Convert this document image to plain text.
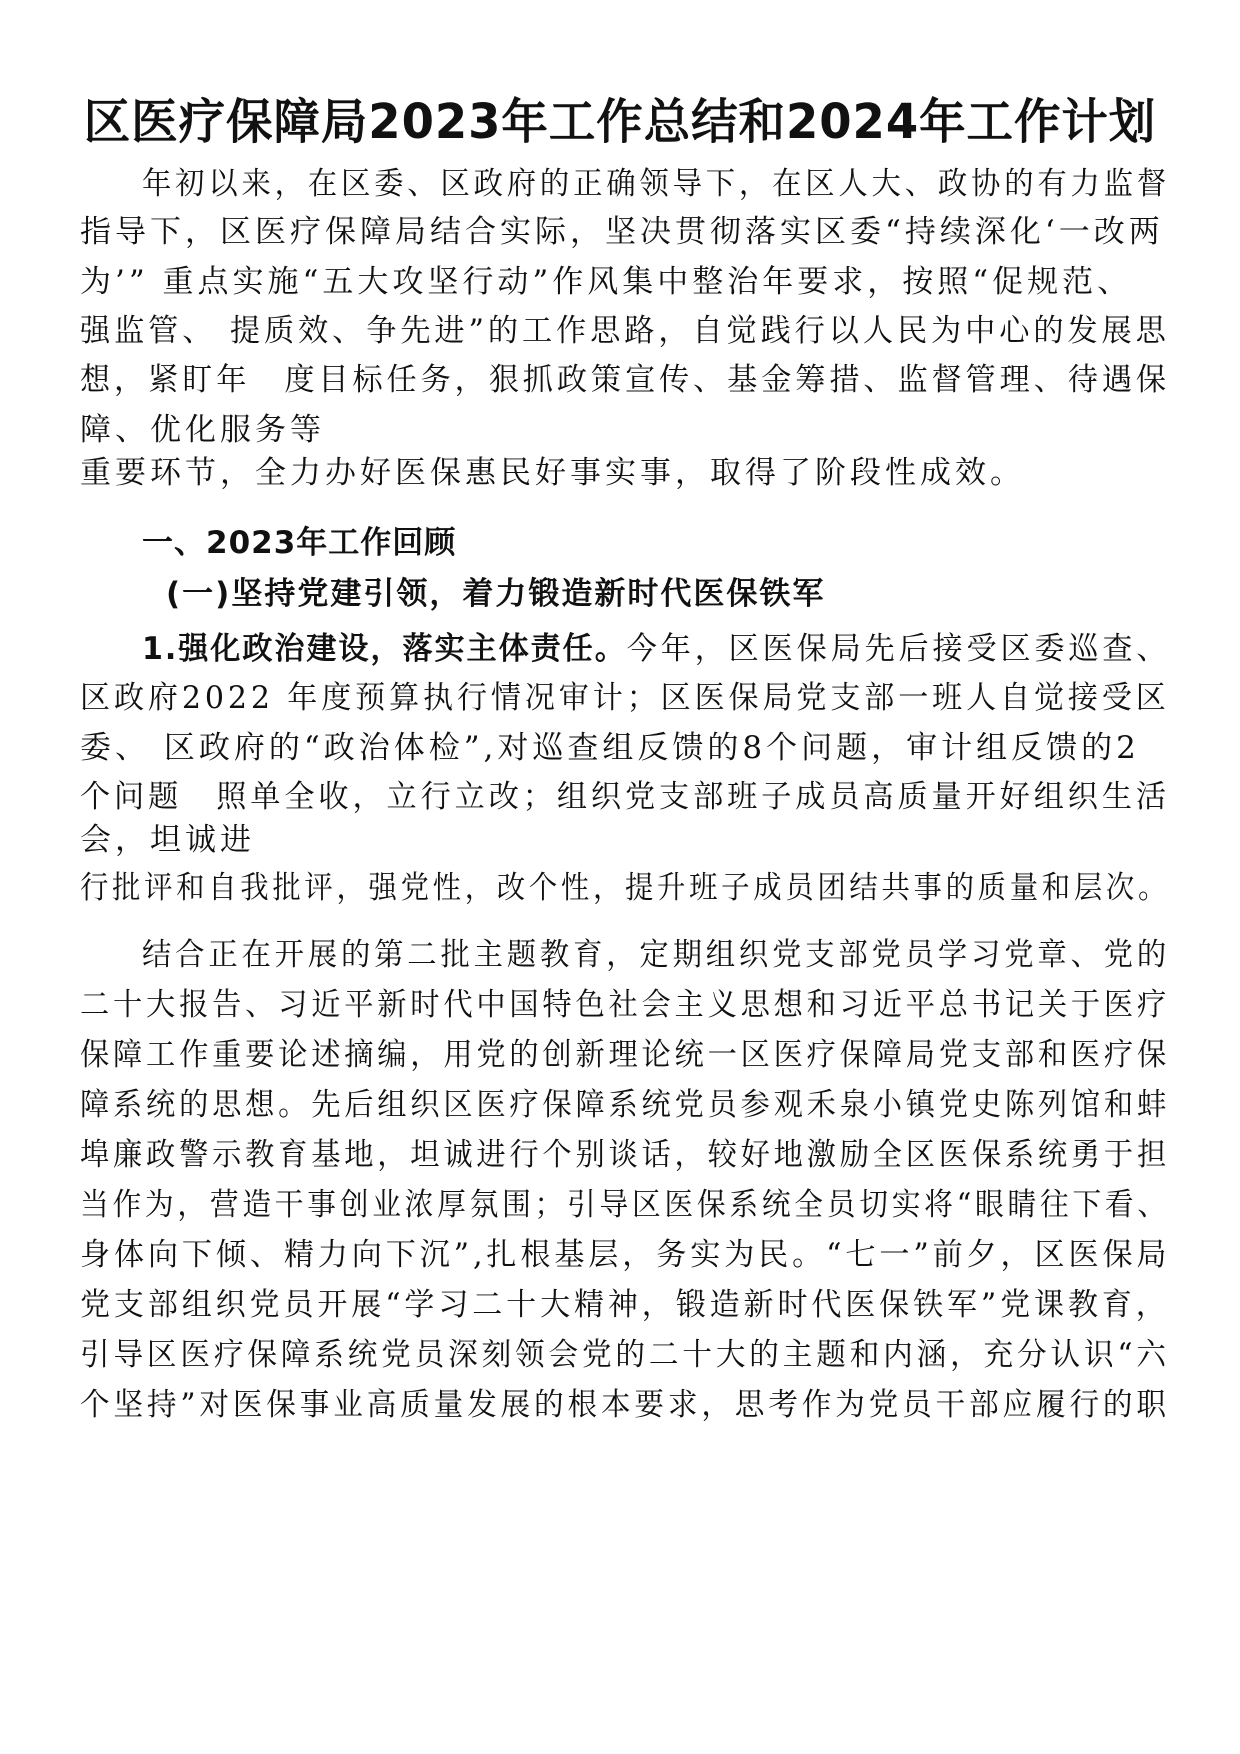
区医疗保障局2023年工作总结和2024年工作计划

年初以来，在区委、区政府的正确领导下，在区人大、政协的有力监督

指导下，区医疗保障局结合实际，坚决贯彻落实区委“持续深化‘一改两

为’” 重点实施“五大攻坚行动”作风集中整治年要求，按照“促规范、

强监管、 提质效、争先进”的工作思路，自觉践行以人民为中心的发展思

想，紧盯年　度目标任务，狠抓政策宣传、基金筹措、监督管理、待遇保

障、优化服务等

重要环节，全力办好医保惠民好事实事，取得了阶段性成效。

一、2023年工作回顾

(一)坚持党建引领，着力锻造新时代医保铁军

1.强化政治建设，落实主体责任。今年，区医保局先后接受区委巡查、

区政府2022 年度预算执行情况审计；区医保局党支部一班人自觉接受区

委、 区政府的“政治体检”,对巡查组反馈的8个问题，审计组反馈的2

个问题　照单全收，立行立改；组织党支部班子成员高质量开好组织生活

会，坦诚进

行批评和自我批评，强党性，改个性，提升班子成员团结共事的质量和层次。

结合正在开展的第二批主题教育，定期组织党支部党员学习党章、党的

二十大报告、习近平新时代中国特色社会主义思想和习近平总书记关于医疗

保障工作重要论述摘编，用党的创新理论统一区医疗保障局党支部和医疗保

障系统的思想。先后组织区医疗保障系统党员参观禾泉小镇党史陈列馆和蚌

埠廉政警示教育基地，坦诚进行个别谈话，较好地激励全区医保系统勇于担

当作为，营造干事创业浓厚氛围；引导区医保系统全员切实将“眼睛往下看、

身体向下倾、精力向下沉”,扎根基层，务实为民。“七一”前夕，区医保局

党支部组织党员开展“学习二十大精神，锻造新时代医保铁军”党课教育，

引导区医疗保障系统党员深刻领会党的二十大的主题和内涵，充分认识“六

个坚持”对医保事业高质量发展的根本要求，思考作为党员干部应履行的职
